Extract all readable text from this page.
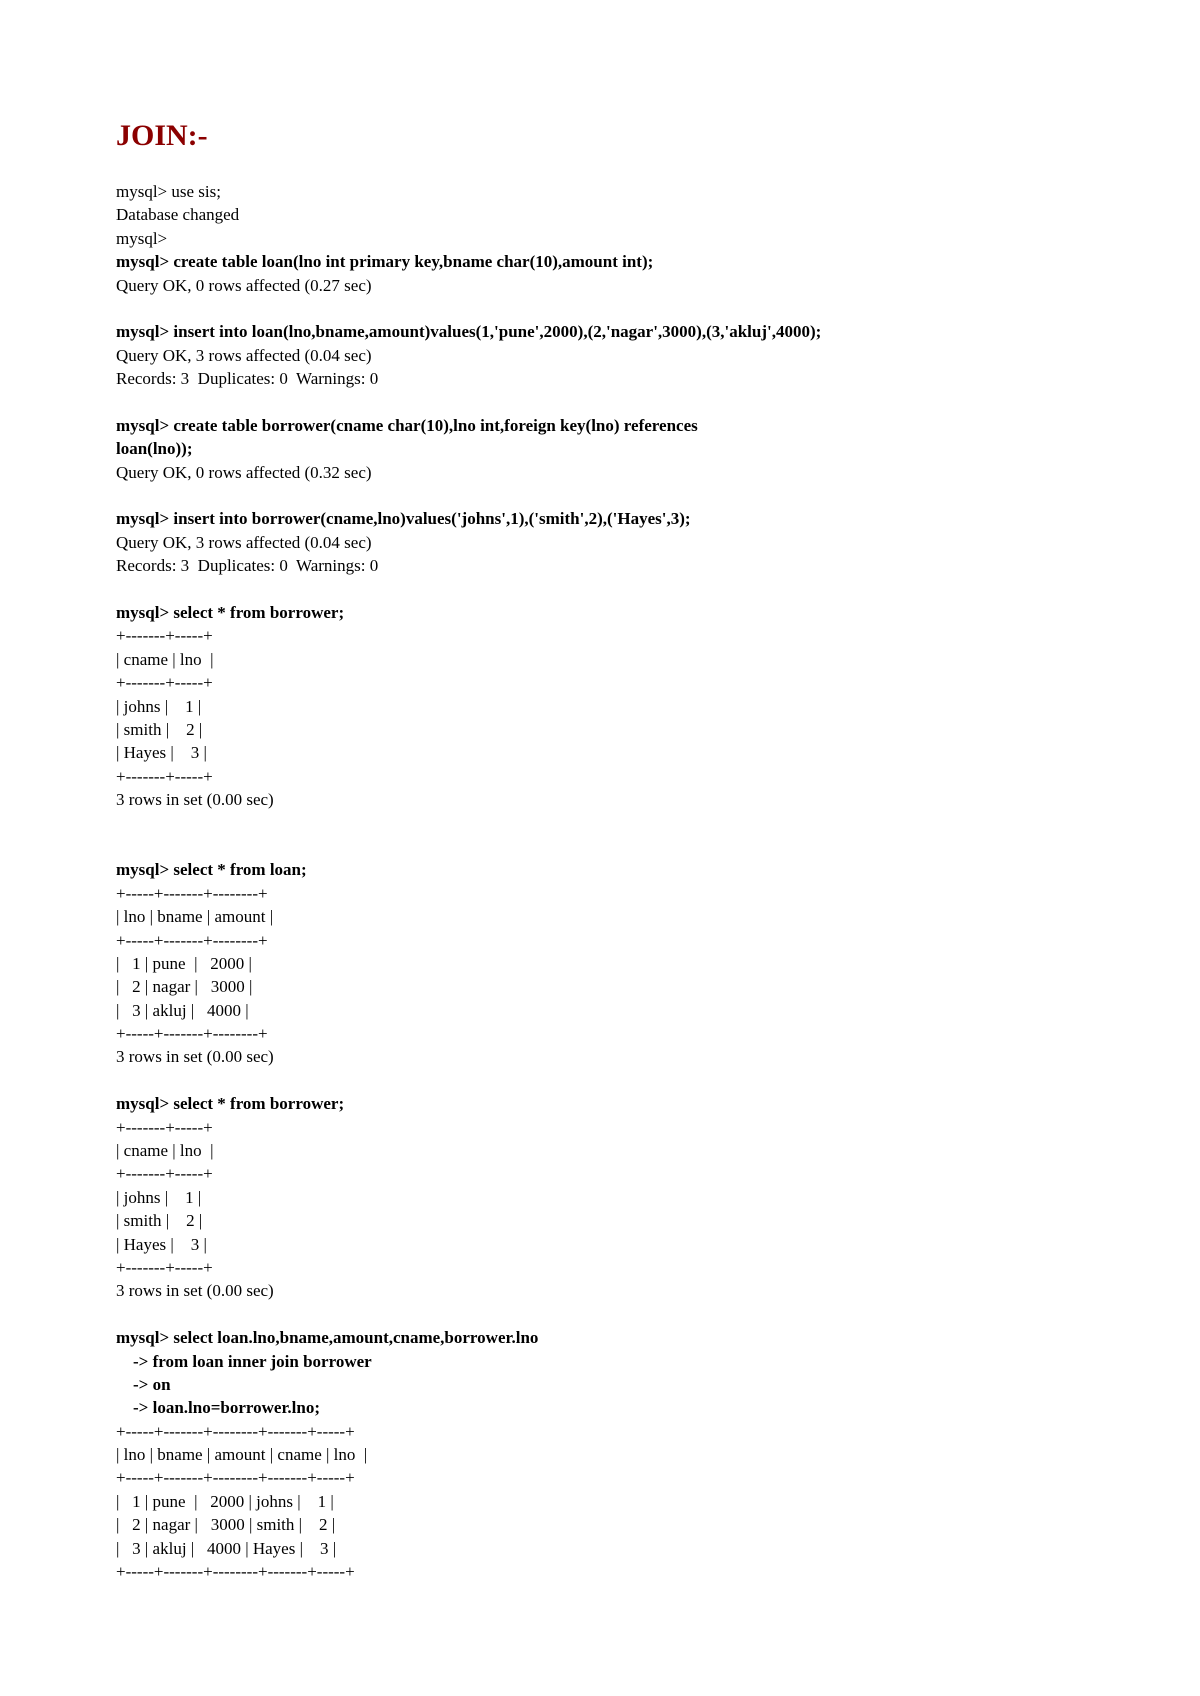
JOIN:-
mysql> use sis;
Database changed
mysql>
mysql> create table loan(lno int primary key,bname char(10),amount int);
Query OK, 0 rows affected (0.27 sec)
mysql> insert into loan(lno,bname,amount)values(1,'pune',2000),(2,'nagar',3000),(3,'akluj',4000);
Query OK, 3 rows affected (0.04 sec)
Records: 3  Duplicates: 0  Warnings: 0
mysql> create table borrower(cname char(10),lno int,foreign key(lno) references
loan(lno));
Query OK, 0 rows affected (0.32 sec)
mysql> insert into borrower(cname,lno)values('johns',1),('smith',2),('Hayes',3);
Query OK, 3 rows affected (0.04 sec)
Records: 3  Duplicates: 0  Warnings: 0
mysql> select * from borrower;
+-------+-----+
| cname | lno  |
+-------+-----+
| johns |    1 |
| smith |    2 |
| Hayes |    3 |
+-------+-----+
3 rows in set (0.00 sec)
mysql> select * from loan;
+-----+-------+--------+
| lno | bname | amount |
+-----+-------+--------+
|   1 | pune  |   2000 |
|   2 | nagar |   3000 |
|   3 | akluj |   4000 |
+-----+-------+--------+
3 rows in set (0.00 sec)
mysql> select * from borrower;
+-------+-----+
| cname | lno  |
+-------+-----+
| johns |    1 |
| smith |    2 |
| Hayes |    3 |
+-------+-----+
3 rows in set (0.00 sec)
mysql> select loan.lno,bname,amount,cname,borrower.lno
-> from loan inner join borrower
-> on
-> loan.lno=borrower.lno;
+-----+-------+--------+-------+-----+
| lno | bname | amount | cname | lno  |
+-----+-------+--------+-------+-----+
|   1 | pune  |   2000 | johns |    1 |
|   2 | nagar |   3000 | smith |    2 |
|   3 | akluj |   4000 | Hayes |    3 |
+-----+-------+--------+-------+-----+
